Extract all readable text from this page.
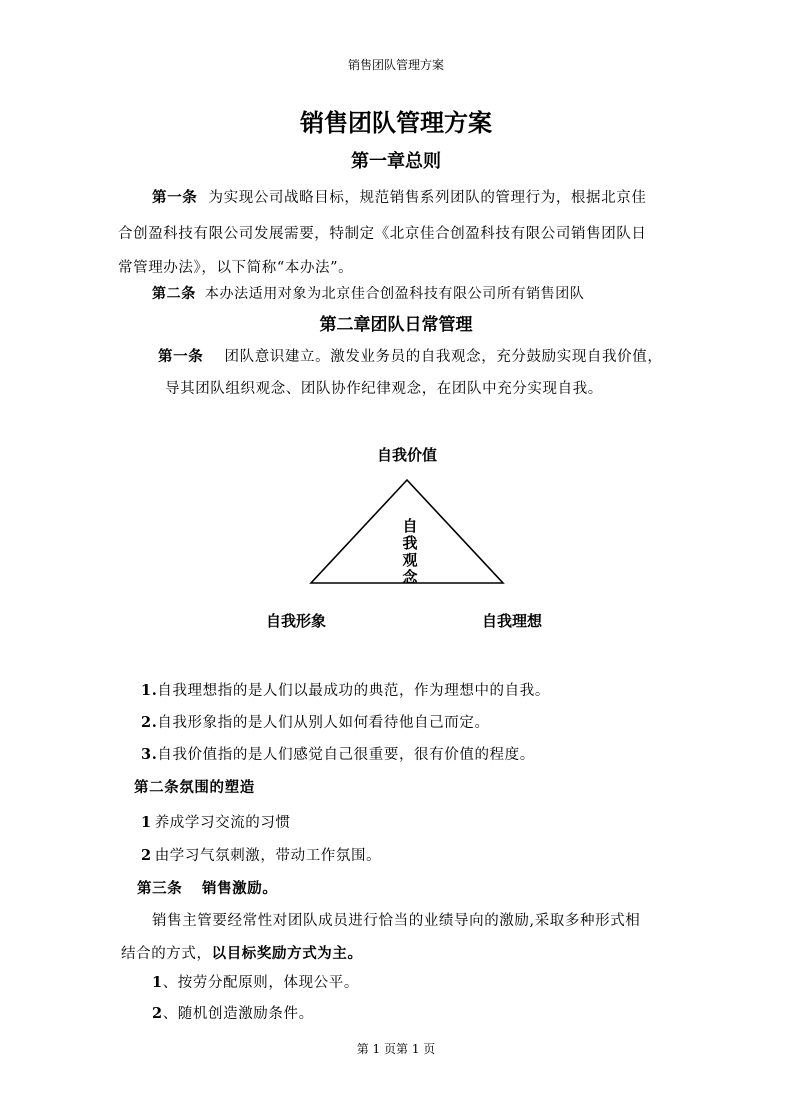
销售团队管理方案
销售团队管理方案
第一章总则
第一条 为实现公司战略目标，规范销售系列团队的管理行为，根据北京佳
合创盈科技有限公司发展需要，特制定《北京佳合创盈科技有限公司销售团队日
常管理办法》，以下简称“本办法”。
第二条 本办法适用对象为北京佳合创盈科技有限公司所有销售团队
第二章团队日常管理
第一条 团队意识建立。激发业务员的自我观念，充分鼓励实现自我价值，
导其团队组织观念、团队协作纪律观念，在团队中充分实现自我。
自我价值
自
我
观
念
自我形象	自我理想
1.自我理想指的是人们以最成功的典范，作为理想中的自我。
2.自我形象指的是人们从别人如何看待他自己而定。
3.自我价值指的是人们感觉自己很重要，很有价值的程度。
第二条氛围的塑造
1 养成学习交流的习惯
2 由学习气氛刺激，带动工作氛围。
第三条 销售激励。
销售主管要经常性对团队成员进行恰当的业绩导向的激励,采取多种形式相
结合的方式，以目标奖励方式为主。
1、按劳分配原则，体现公平。
2、随机创造激励条件。
第 1 页第 1 页
